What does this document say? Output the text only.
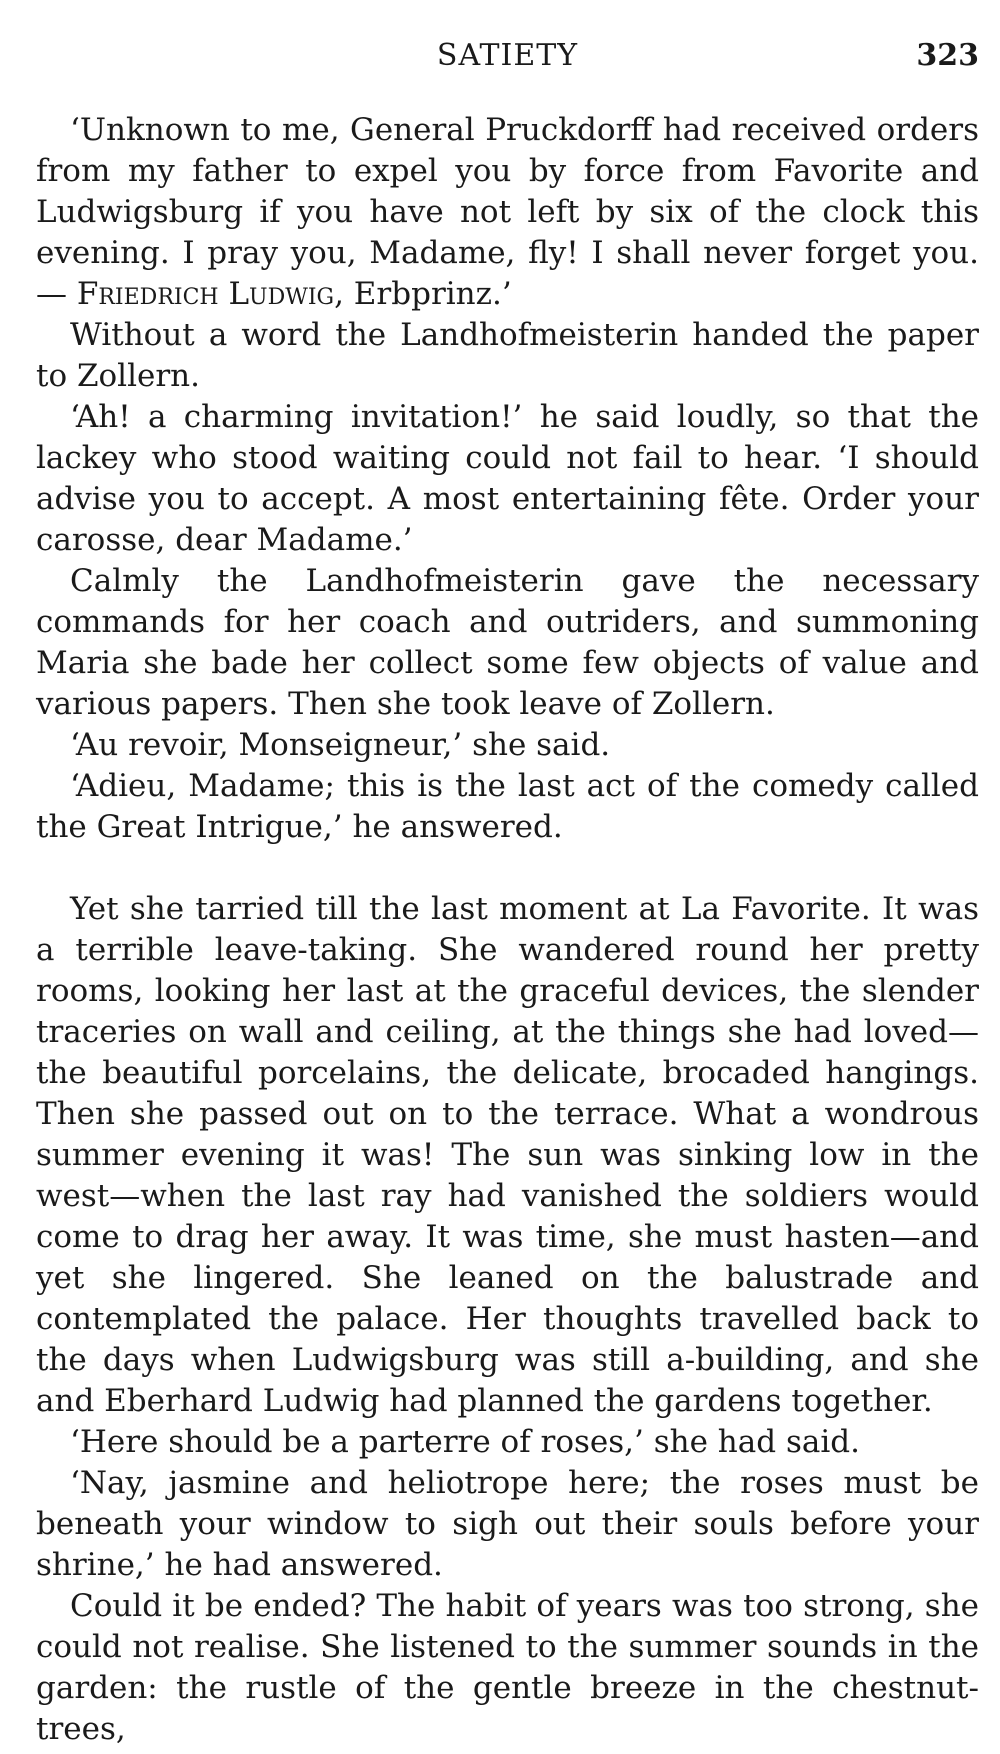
SATIETY	323

‘Unknown to me, General Pruckdorff had received orders from my father to expel you by force from Favorite and Ludwigsburg if you have not left by six of the clock this evening. I pray you, Madame, fly! I shall never forget you.— Friedrich Ludwig, Erbprinz.’

Without a word the Landhofmeisterin handed the paper to Zollern.

‘Ah! a charming invitation!’ he said loudly, so that the lackey who stood waiting could not fail to hear. ‘I should advise you to accept. A most entertaining fête. Order your carosse, dear Madame.’

Calmly the Landhofmeisterin gave the necessary commands for her coach and outriders, and summoning Maria she bade her collect some few objects of value and various papers. Then she took leave of Zollern.

‘Au revoir, Monseigneur,’ she said.

‘Adieu, Madame; this is the last act of the comedy called the Great Intrigue,’ he answered.

Yet she tarried till the last moment at La Favorite. It was a terrible leave-taking. She wandered round her pretty rooms, looking her last at the graceful devices, the slender traceries on wall and ceiling, at the things she had loved—the beautiful porcelains, the delicate, brocaded hangings. Then she passed out on to the terrace. What a wondrous summer evening it was! The sun was sinking low in the west—when the last ray had vanished the soldiers would come to drag her away. It was time, she must hasten—and yet she lingered. She leaned on the balustrade and contemplated the palace. Her thoughts travelled back to the days when Ludwigsburg was still a-building, and she and Eberhard Ludwig had planned the gardens together.

‘Here should be a parterre of roses,’ she had said.

‘Nay, jasmine and heliotrope here; the roses must be beneath your window to sigh out their souls before your shrine,’ he had answered.

Could it be ended? The habit of years was too strong, she could not realise. She listened to the summer sounds in the garden: the rustle of the gentle breeze in the chestnut-trees,
